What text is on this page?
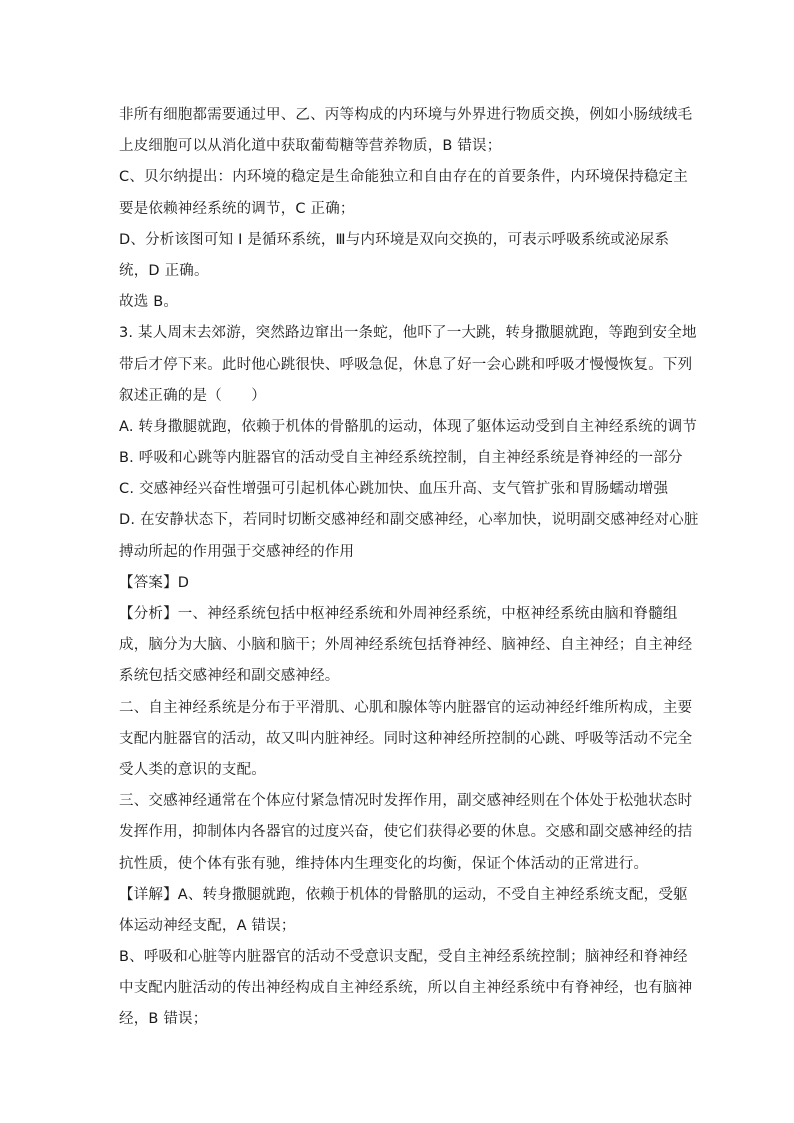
非所有细胞都需要通过甲、乙、丙等构成的内环境与外界进行物质交换，例如小肠绒绒毛
上皮细胞可以从消化道中获取葡萄糖等营养物质，B 错误；
C、贝尔纳提出：内环境的稳定是生命能独立和自由存在的首要条件，内环境保持稳定主
要是依赖神经系统的调节，C 正确；
D、分析该图可知 I 是循环系统，Ⅲ与内环境是双向交换的，可表示呼吸系统或泌尿系
统，D 正确。
故选 B。
3. 某人周末去郊游，突然路边窜出一条蛇，他吓了一大跳，转身撒腿就跑，等跑到安全地
带后才停下来。此时他心跳很快、呼吸急促，休息了好一会心跳和呼吸才慢慢恢复。下列
叙述正确的是（　　）
A. 转身撒腿就跑，依赖于机体的骨骼肌的运动，体现了躯体运动受到自主神经系统的调节
B. 呼吸和心跳等内脏器官的活动受自主神经系统控制，自主神经系统是脊神经的一部分
C. 交感神经兴奋性增强可引起机体心跳加快、血压升高、支气管扩张和胃肠蠕动增强
D. 在安静状态下，若同时切断交感神经和副交感神经，心率加快，说明副交感神经对心脏
搏动所起的作用强于交感神经的作用
【答案】D
【分析】一、神经系统包括中枢神经系统和外周神经系统，中枢神经系统由脑和脊髓组
成，脑分为大脑、小脑和脑干；外周神经系统包括脊神经、脑神经、自主神经；自主神经
系统包括交感神经和副交感神经。
二、自主神经系统是分布于平滑肌、心肌和腺体等内脏器官的运动神经纤维所构成，主要
支配内脏器官的活动，故又叫内脏神经。同时这种神经所控制的心跳、呼吸等活动不完全
受人类的意识的支配。
三、交感神经通常在个体应付紧急情况时发挥作用，副交感神经则在个体处于松弛状态时
发挥作用，抑制体内各器官的过度兴奋，使它们获得必要的休息。交感和副交感神经的拮
抗性质，使个体有张有驰，维持体内生理变化的均衡，保证个体活动的正常进行。
【详解】A、转身撒腿就跑，依赖于机体的骨骼肌的运动，不受自主神经系统支配，受躯
体运动神经支配，A 错误；
B、呼吸和心脏等内脏器官的活动不受意识支配，受自主神经系统控制；脑神经和脊神经
中支配内脏活动的传出神经构成自主神经系统，所以自主神经系统中有脊神经，也有脑神
经，B 错误；
